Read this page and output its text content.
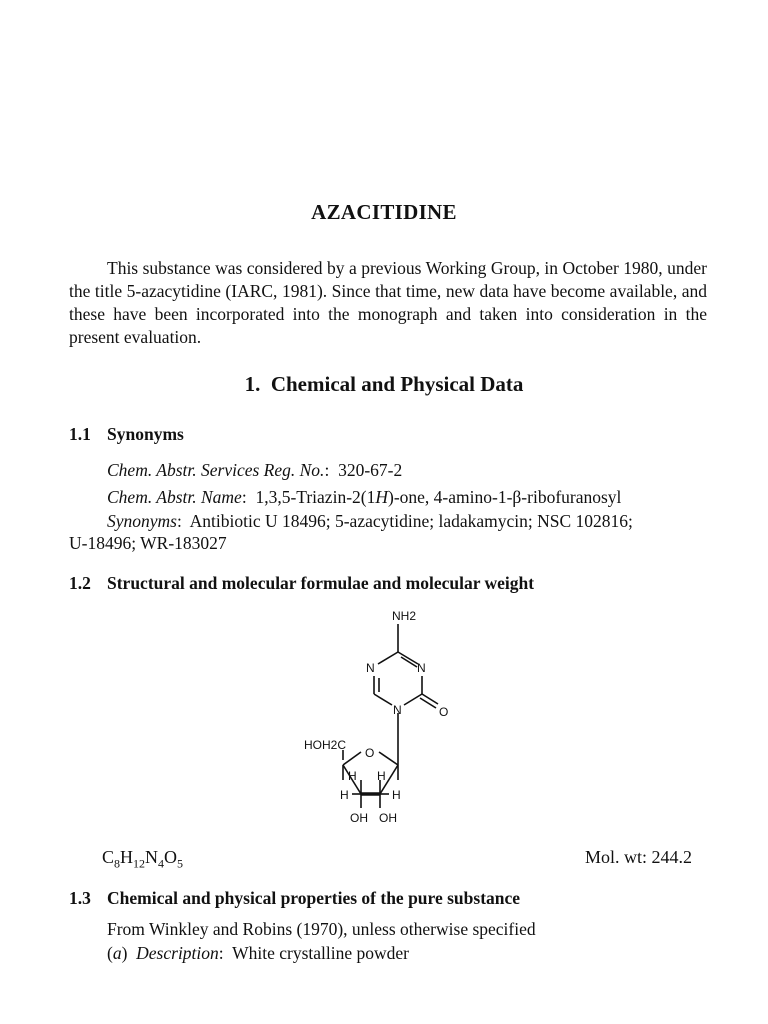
AZACITIDINE
This substance was considered by a previous Working Group, in October 1980, under the title 5-azacytidine (IARC, 1981). Since that time, new data have become available, and these have been incorporated into the monograph and taken into consideration in the present evaluation.
1. Chemical and Physical Data
1.1 Synonyms
Chem. Abstr. Services Reg. No.:  320-67-2
Chem. Abstr. Name:  1,3,5-Triazin-2(1H)-one, 4-amino-1-β-ribofuranosyl
Synonyms:  Antibiotic U 18496; 5-azacytidine; ladakamycin; NSC 102816;
U-18496; WR-183027
1.2 Structural and molecular formulae and molecular weight
NH2
N	N
N	O
HOH2C
O
H H
H	H
OH OH
$C_8H_{12}N_4O_5$	Mol. wt: 244.2
1.3 Chemical and physical properties of the pure substance
From Winkley and Robins (1970), unless otherwise specified
(a) Description:  White crystalline powder
